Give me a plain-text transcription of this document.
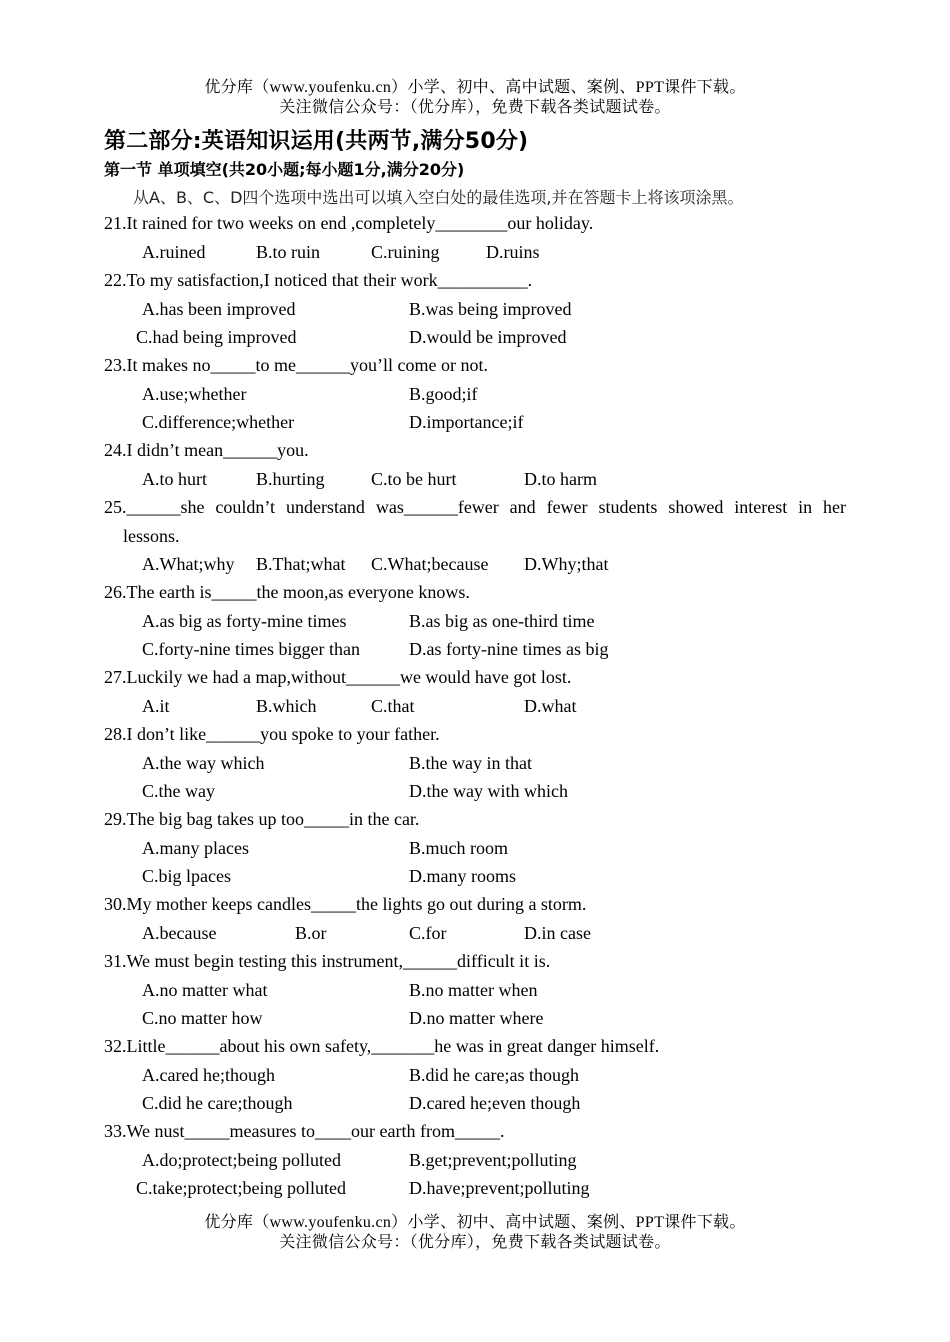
优分库（www.youfenku.cn）小学、初中、高中试题、案例、PPT课件下载。
关注微信公众号：（优分库），免费下载各类试题试卷。
第二部分:英语知识运用(共两节,满分50分)
第一节 单项填空(共20小题;每小题1分,满分20分)
从A、B、C、D四个选项中选出可以填入空白处的最佳选项,并在答题卡上将该项涂黑。
21.It rained for two weeks on end ,completely________our holiday.
A.ruined	B.to ruin	C.ruining	D.ruins
22.To my satisfaction,I noticed that their work__________.
A.has been improved	B.was being improved
C.had being improved	D.would be improved
23.It makes no_____to me______you’ll come or not.
A.use;whether	B.good;if
C.difference;whether	D.importance;if
24.I didn’t mean______you.
A.to hurt	B.hurting	C.to be hurt	D.to harm
25.______she couldn’t understand was______fewer and fewer students showed interest in her
lessons.
A.What;why B.That;what C.What;because D.Why;that
26.The earth is_____the moon,as everyone knows.
A.as big as forty-mine times	B.as big as one-third time
C.forty-nine times bigger than	D.as forty-nine times as big
27.Luckily we had a map,without______we would have got lost.
A.it	B.which	C.that	D.what
28.I don’t like______you spoke to your father.
A.the way which	B.the way in that
C.the way	D.the way with which
29.The big bag takes up too_____in the car.
A.many places	B.much room
C.big lpaces	D.many rooms
30.My mother keeps candles_____the lights go out during a storm.
A.because	B.or	C.for	D.in case
31.We must begin testing this instrument,______difficult it is.
A.no matter what	B.no matter when
C.no matter how	D.no matter where
32.Little______about his own safety,_______he was in great danger himself.
A.cared he;though	B.did he care;as though
C.did he care;though	D.cared he;even though
33.We nust_____measures to____our earth from_____.
A.do;protect;being polluted	B.get;prevent;polluting
C.take;protect;being polluted	D.have;prevent;polluting
优分库（www.youfenku.cn）小学、初中、高中试题、案例、PPT课件下载。
关注微信公众号：（优分库），免费下载各类试题试卷。
